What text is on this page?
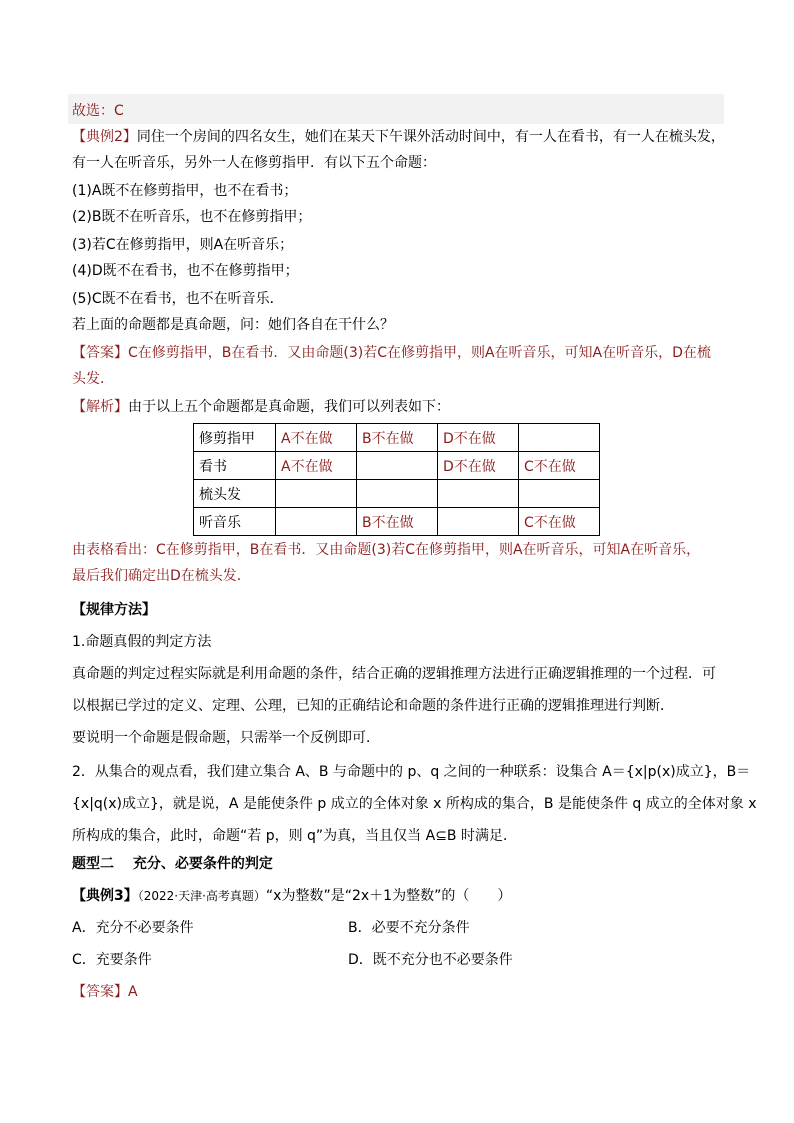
故选：C
【典例2】同住一个房间的四名女生，她们在某天下午课外活动时间中，有一人在看书，有一人在梳头发，
有一人在听音乐，另外一人在修剪指甲．有以下五个命题：
(1)A既不在修剪指甲，也不在看书；
(2)B既不在听音乐，也不在修剪指甲；
(3)若C在修剪指甲，则A在听音乐；
(4)D既不在看书，也不在修剪指甲；
(5)C既不在看书，也不在听音乐．
若上面的命题都是真命题，问：她们各自在干什么？
【答案】C在修剪指甲，B在看书．又由命题(3)若C在修剪指甲，则A在听音乐，可知A在听音乐，D在梳
头发．
【解析】由于以上五个命题都是真命题，我们可以列表如下：
修剪指甲	A不在做	B不在做	D不在做	
看书	A不在做		D不在做	C不在做
梳头发				
听音乐		B不在做		C不在做
由表格看出：C在修剪指甲，B在看书．又由命题(3)若C在修剪指甲，则A在听音乐，可知A在听音乐，
最后我们确定出D在梳头发．
【规律方法】
1.命题真假的判定方法
真命题的判定过程实际就是利用命题的条件，结合正确的逻辑推理方法进行正确逻辑推理的一个过程．可
以根据已学过的定义、定理、公理，已知的正确结论和命题的条件进行正确的逻辑推理进行判断．
要说明一个命题是假命题，只需举一个反例即可．
2．从集合的观点看，我们建立集合 A、B 与命题中的 p、q 之间的一种联系：设集合 A＝{x|p(x)成立}，B＝
{x|q(x)成立}，就是说，A 是能使条件 p 成立的全体对象 x 所构成的集合，B 是能使条件 q 成立的全体对象 x
所构成的集合，此时，命题“若 p，则 q”为真，当且仅当 A⊆B 时满足．
题型二　 充分、必要条件的判定
【典例3】（2022·天津·高考真题）“x为整数”是“2x＋1为整数”的（　　）
A．充分不必要条件	B．必要不充分条件
C．充要条件	D．既不充分也不必要条件
【答案】A
